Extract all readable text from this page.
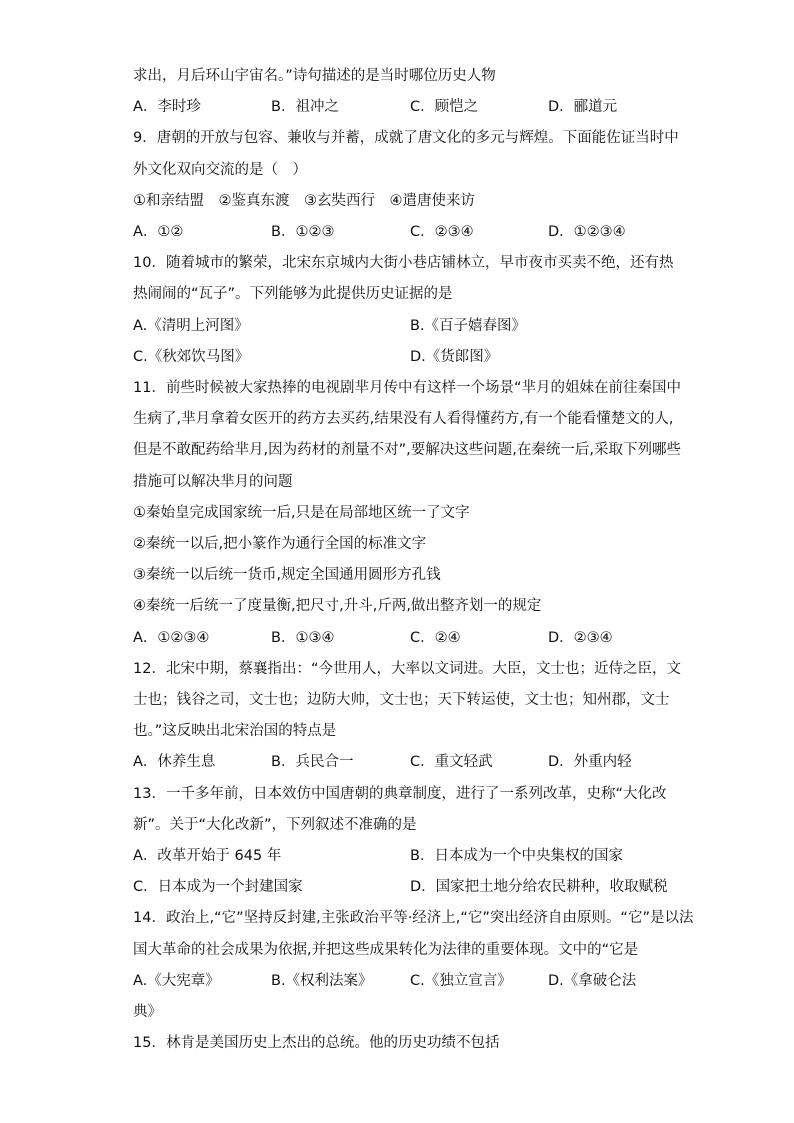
求出，月后环山宇宙名。”诗句描述的是当时哪位历史人物
A．李时珍	B．祖冲之	C．顾恺之	D．郦道元
9．唐朝的开放与包容、兼收与并蓄，成就了唐文化的多元与辉煌。下面能佐证当时中
外文化双向交流的是（　）
①和亲结盟　②鉴真东渡　③玄奘西行　④遣唐使来访
A．①②	B．①②③	C．②③④	D．①②③④
10．随着城市的繁荣，北宋东京城内大街小巷店铺林立，早市夜市买卖不绝，还有热
热闹闹的“瓦子”。下列能够为此提供历史证据的是
A.《清明上河图》	B.《百子嬉春图》
C.《秋郊饮马图》	D.《货郎图》
11．前些时候被大家热捧的电视剧芈月传中有这样一个场景“芈月的姐妹在前往秦国中
生病了,芈月拿着女医开的药方去买药,结果没有人看得懂药方,有一个能看懂楚文的人,
但是不敢配药给芈月,因为药材的剂量不对”,要解决这些问题,在秦统一后,采取下列哪些
措施可以解决芈月的问题
①秦始皇完成国家统一后,只是在局部地区统一了文字
②秦统一以后,把小篆作为通行全国的标准文字
③秦统一以后统一货币,规定全国通用圆形方孔钱
④秦统一后统一了度量衡,把尺寸,升斗,斤两,做出整齐划一的规定
A．①②③④	B．①③④	C．②④	D．②③④
12．北宋中期，蔡襄指出：“今世用人，大率以文词进。大臣，文士也；近侍之臣，文
士也；钱谷之司，文士也；边防大帅，文士也；天下转运使，文士也；知州郡，文士
也。”这反映出北宋治国的特点是
A．休养生息	B．兵民合一	C．重文轻武	D．外重内轻
13．一千多年前，日本效仿中国唐朝的典章制度，进行了一系列改革，史称“大化改
新”。关于“大化改新”，下列叙述不准确的是
A．改革开始于 645 年	B．日本成为一个中央集权的国家
C．日本成为一个封建国家	D．国家把土地分给农民耕种，收取赋税
14．政治上,“它”坚持反封建,主张政治平等·经济上,“它”突出经济自由原则。“它”是以法
国大革命的社会成果为依据,并把这些成果转化为法律的重要体现。文中的“它是
A.《大宪章》	B.《权利法案》	C.《独立宣言》	D.《拿破仑法
典》
15．林肯是美国历史上杰出的总统。他的历史功绩不包括
